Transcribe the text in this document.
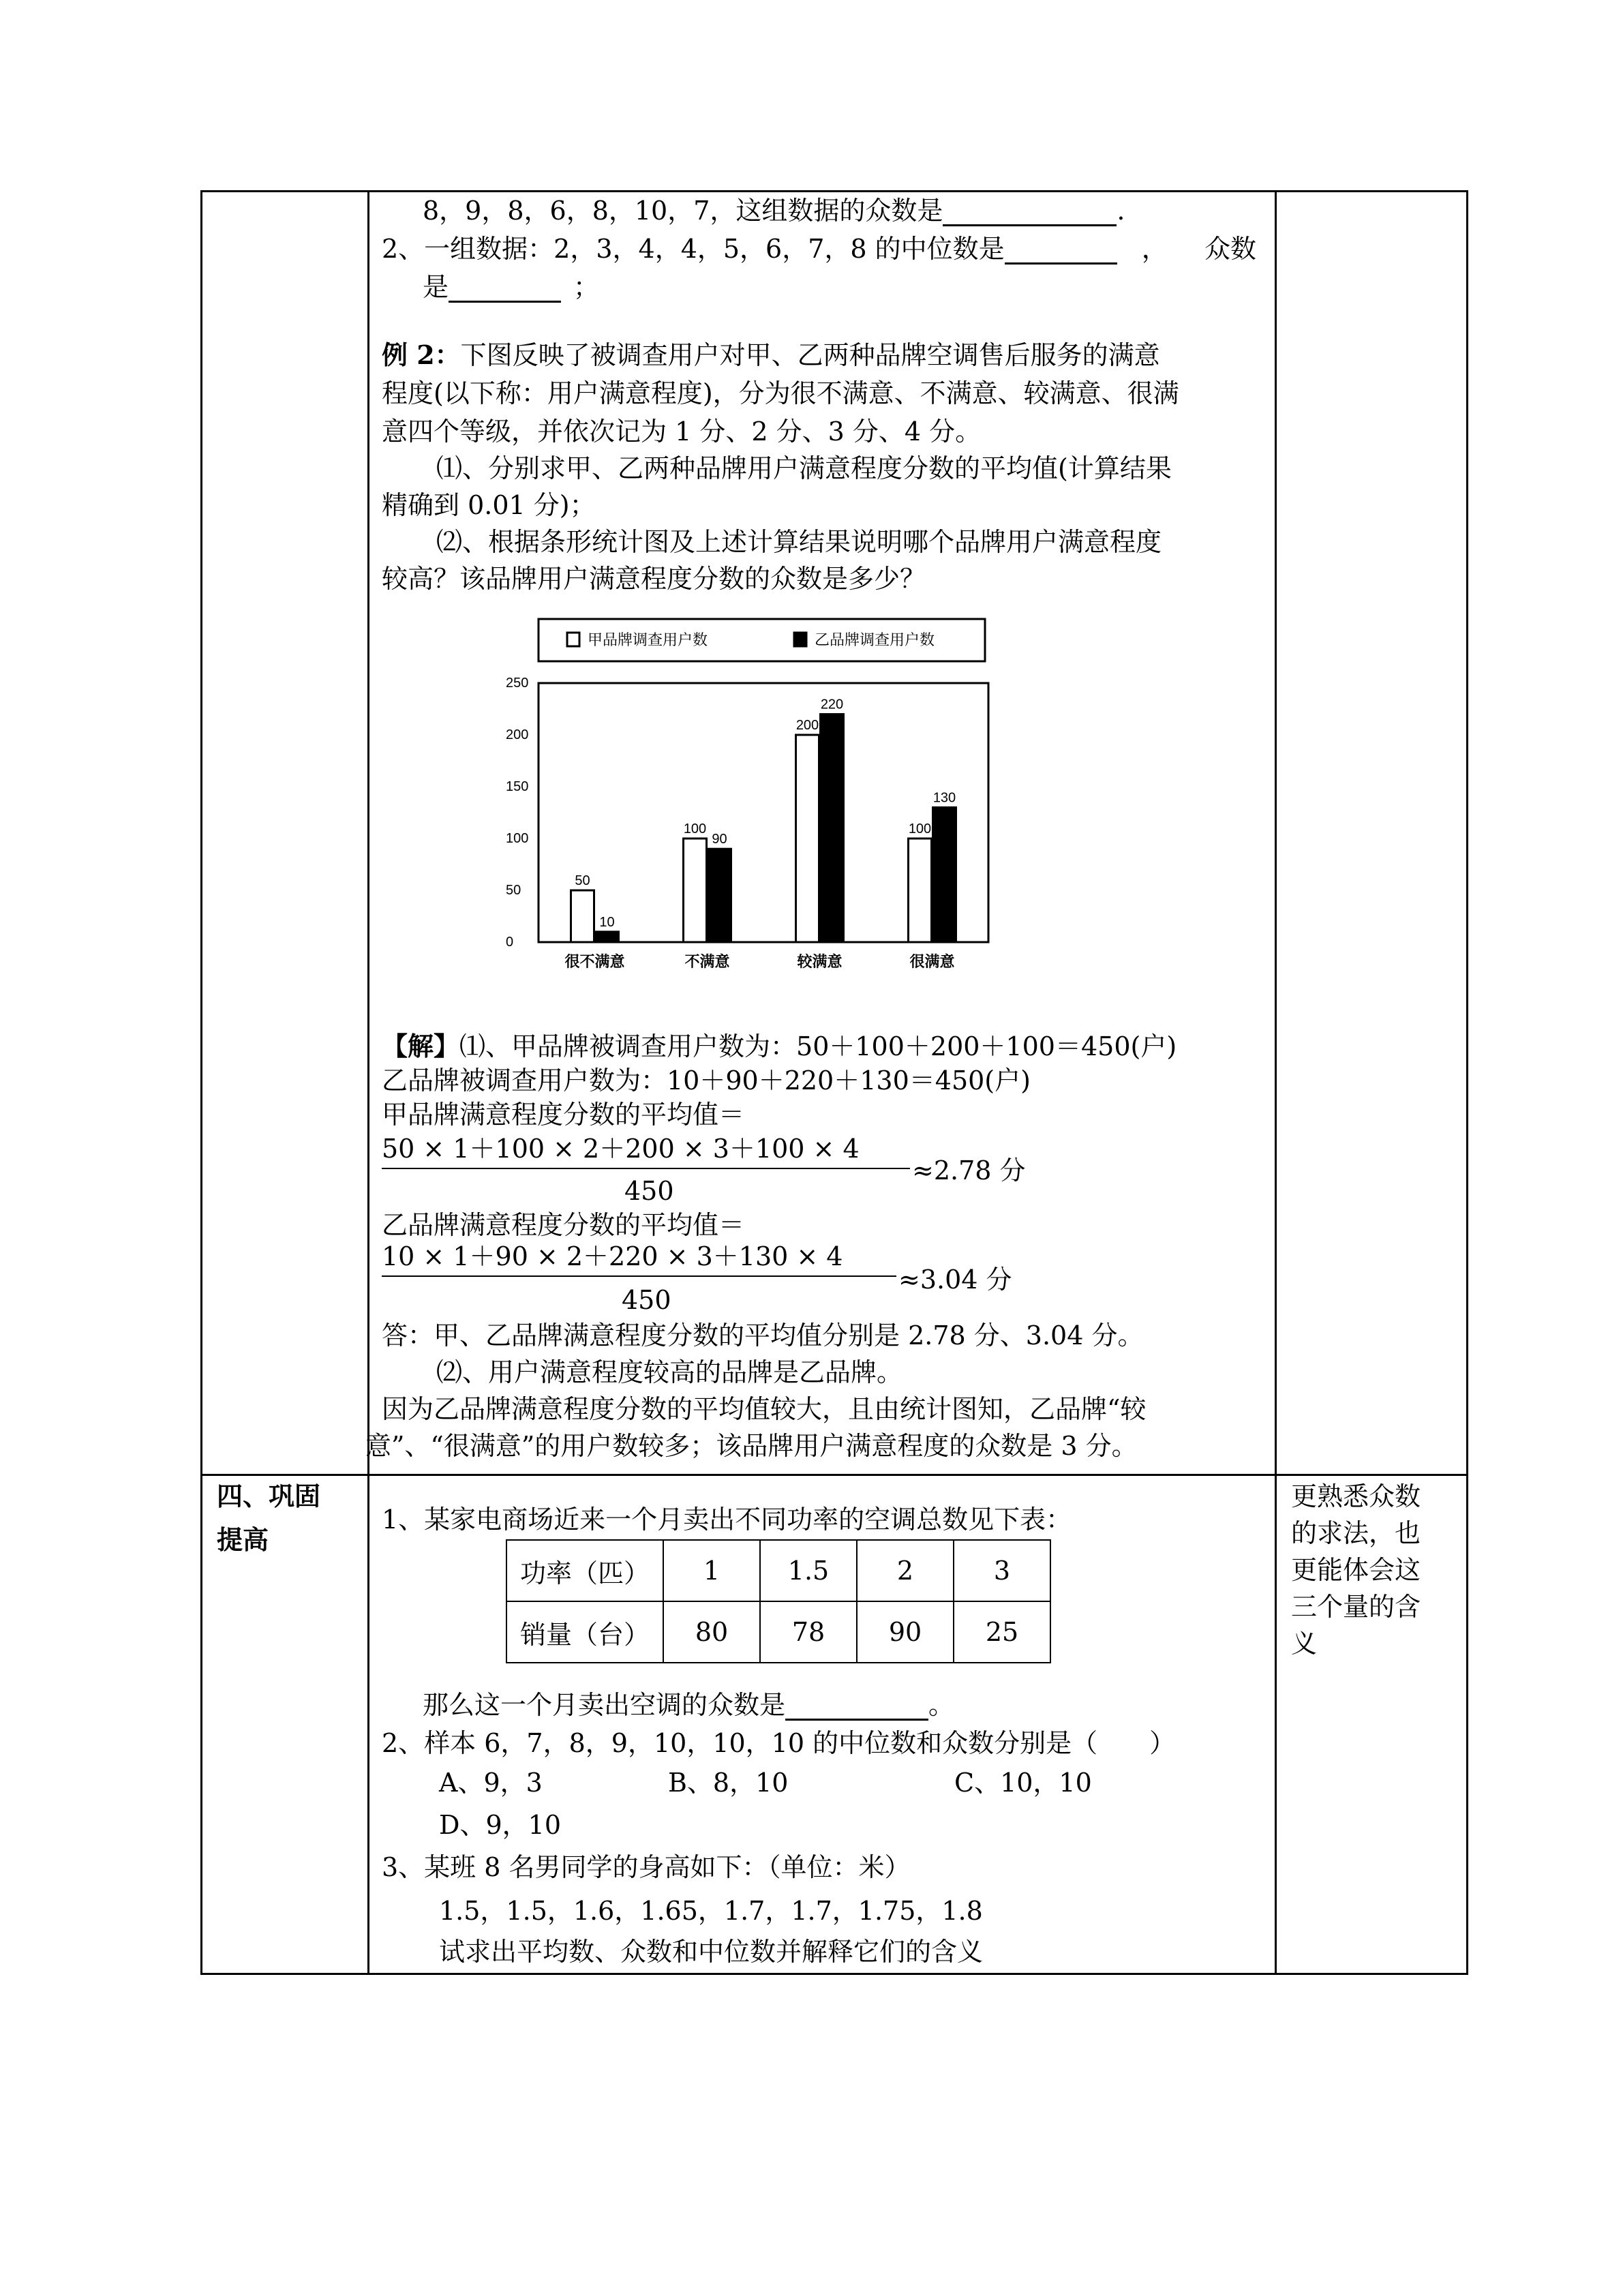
8，9，8，6，8，10，7，这组数据的众数是	.
2、一组数据：2，3，4，4，5，6，7，8 的中位数是	， 众数
是	；
例 2：下图反映了被调查用户对甲、乙两种品牌空调售后服务的满意
程度(以下称：用户满意程度)，分为很不满意、不满意、较满意、很满
意四个等级，并依次记为 1 分、2 分、3 分、4 分。
⑴、分别求甲、乙两种品牌用户满意程度分数的平均值(计算结果
精确到 0.01 分)；
⑵、根据条形统计图及上述计算结果说明哪个品牌用户满意程度
较高？该品牌用户满意程度分数的众数是多少？
甲品牌调查用户数	乙品牌调查用户数
0
50
100
150
200
250
50
10
很不满意
100
90
不满意
200
220
较满意
100
130
很满意
【解】⑴、甲品牌被调查用户数为：50＋100＋200＋100＝450(户)
乙品牌被调查用户数为：10＋90＋220＋130＝450(户)
甲品牌满意程度分数的平均值＝
50 × 1＋100 × 2＋200 × 3＋100 × 4
≈2.78 分
450
乙品牌满意程度分数的平均值＝
10 × 1＋90 × 2＋220 × 3＋130 × 4
≈3.04 分
450
答：甲、乙品牌满意程度分数的平均值分别是 2.78 分、3.04 分。
⑵、用户满意程度较高的品牌是乙品牌。
因为乙品牌满意程度分数的平均值较大，且由统计图知，乙品牌“较
意”、“很满意”的用户数较多；该品牌用户满意程度的众数是 3 分。
四、巩固
提高
1、某家电商场近来一个月卖出不同功率的空调总数见下表：
功率（匹）	1	1.5	2	3
销量（台）	80	78	90	25
那么这一个月卖出空调的众数是	。
2、样本 6，7，8，9，10，10，10 的中位数和众数分别是（　　）
A、9，3	B、8，10	C、10，10
D、9，10
3、某班 8 名男同学的身高如下：（单位：米）
1.5，1.5，1.6，1.65，1.7，1.7，1.75，1.8
试求出平均数、众数和中位数并解释它们的含义
更熟悉众数
的求法，也
更能体会这
三个量的含
义
